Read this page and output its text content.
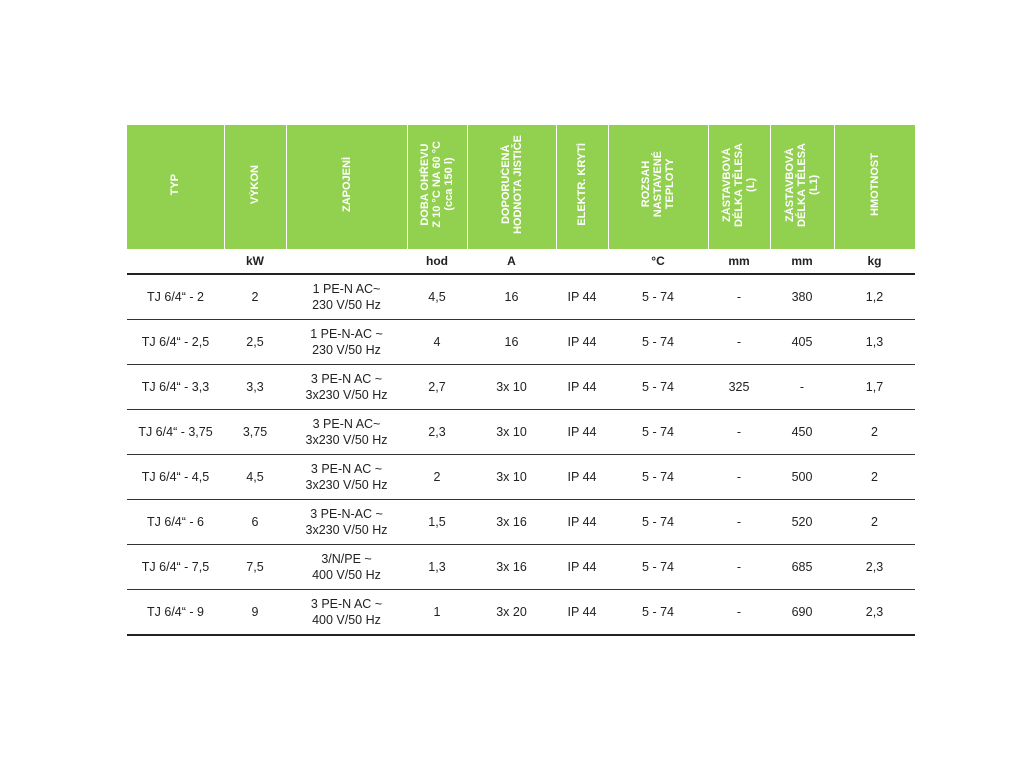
TYP	VÝKON	ZAPOJENÍ	DOBA OHŘEVU
Z 10 °C NA 60 °C
(cca 150 l)	DOPORUČENÁ
HODNOTA JISTIČE	ELEKTR. KRYTÍ	ROZSAH
NASTAVENÉ
TEPLOTY	ZÁSTAVBOVÁ
DÉLKA TĚLESA
(L)	ZÁSTAVBOVÁ
DÉLKA TĚLESA
(L1)	HMOTNOST
	kW		hod	A		°C	mm	mm	kg
TJ 6/4“ - 2	2	1 PE-N AC~
230 V/50 Hz	4,5	16	IP 44	5 - 74	-	380	1,2
TJ 6/4“ - 2,5	2,5	1 PE-N-AC ~
230 V/50 Hz	4	16	IP 44	5 - 74	-	405	1,3
TJ 6/4“ - 3,3	3,3	3 PE-N AC ~
3x230 V/50 Hz	2,7	3x 10	IP 44	5 - 74	325	-	1,7
TJ 6/4“ - 3,75	3,75	3 PE-N AC~
3x230 V/50 Hz	2,3	3x 10	IP 44	5 - 74	-	450	2
TJ 6/4“ - 4,5	4,5	3 PE-N AC ~
3x230 V/50 Hz	2	3x 10	IP 44	5 - 74	-	500	2
TJ 6/4“ - 6	6	3 PE-N-AC ~
3x230 V/50 Hz	1,5	3x 16	IP 44	5 - 74	-	520	2
TJ 6/4“ - 7,5	7,5	3/N/PE ~
400 V/50 Hz	1,3	3x 16	IP 44	5 - 74	-	685	2,3
TJ 6/4“ - 9	9	3 PE-N AC ~
400 V/50 Hz	1	3x 20	IP 44	5 - 74	-	690	2,3
